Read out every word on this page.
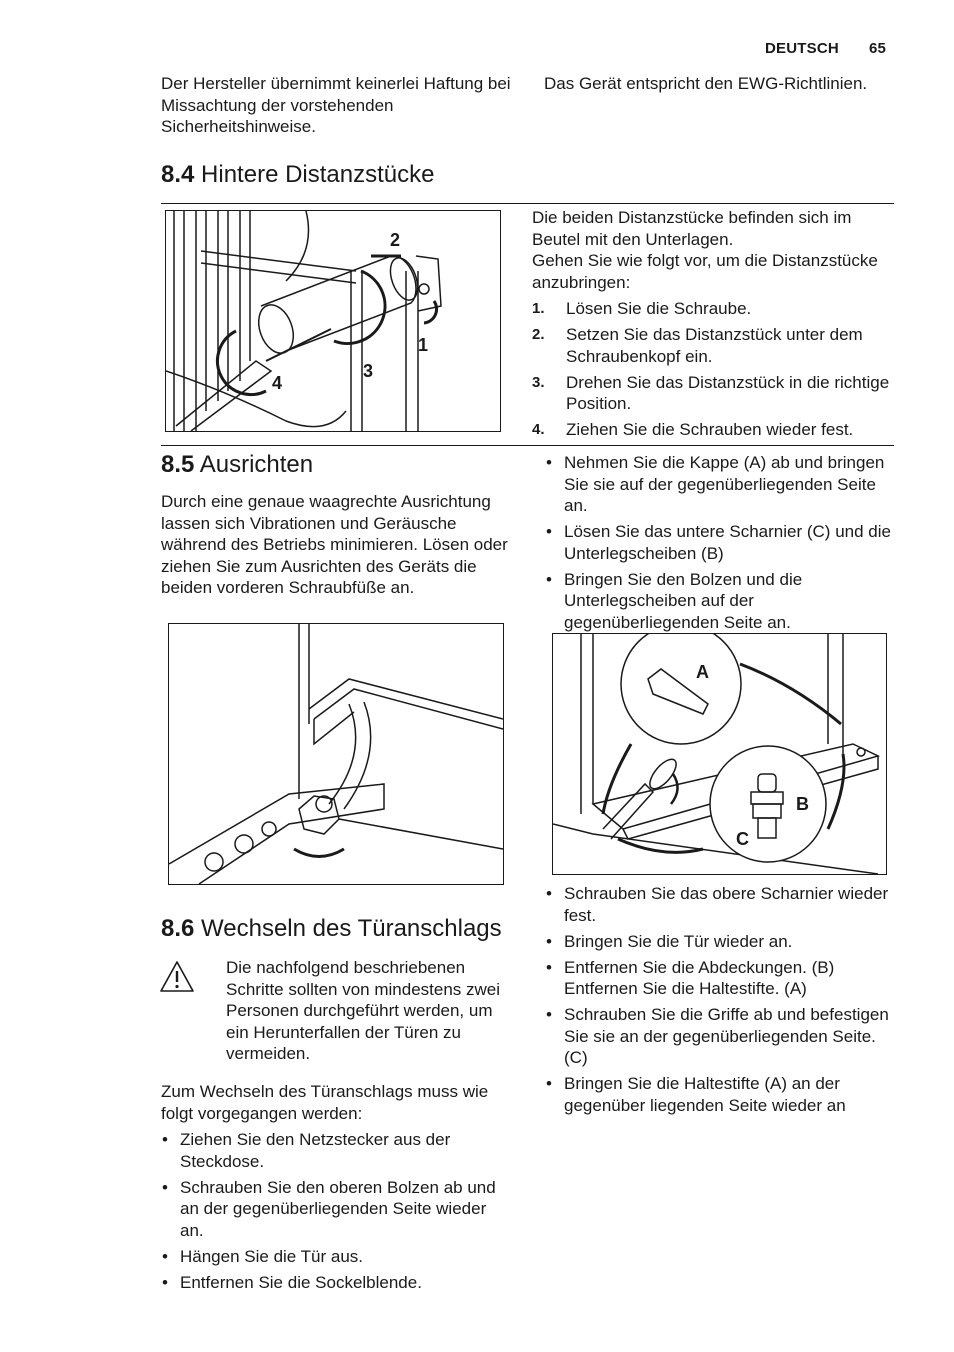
DEUTSCH 65
Der Hersteller übernimmt keinerlei Haftung bei Missachtung der vorstehenden Sicherheitshinweise.
Das Gerät entspricht den EWG-Richtlinien.
8.4 Hintere Distanzstücke
2
1
3
4
Die beiden Distanzstücke befinden sich im Beutel mit den Unterlagen.
Gehen Sie wie folgt vor, um die Distanzstücke anzubringen:
1. Lösen Sie die Schraube.
2. Setzen Sie das Distanzstück unter dem Schraubenkopf ein.
3. Drehen Sie das Distanzstück in die richtige Position.
4. Ziehen Sie die Schrauben wieder fest.
8.5 Ausrichten
Durch eine genaue waagrechte Ausrichtung lassen sich Vibrationen und Geräusche während des Betriebs minimieren. Lösen oder ziehen Sie zum Ausrichten des Geräts die beiden vorderen Schraubfüße an.
8.6 Wechseln des Türanschlags
Die nachfolgend beschriebenen Schritte sollten von mindestens zwei Personen durchgeführt werden, um ein Herunterfallen der Türen zu vermeiden.
Zum Wechseln des Türanschlags muss wie folgt vorgegangen werden:
• Ziehen Sie den Netzstecker aus der Steckdose.
• Schrauben Sie den oberen Bolzen ab und an der gegenüberliegenden Seite wieder an.
• Hängen Sie die Tür aus.
• Entfernen Sie die Sockelblende.
• Nehmen Sie die Kappe (A) ab und bringen Sie sie auf der gegenüberliegenden Seite an.
• Lösen Sie das untere Scharnier (C) und die Unterlegscheiben (B)
• Bringen Sie den Bolzen und die Unterlegscheiben auf der gegenüberliegenden Seite an.
A
B
C
• Schrauben Sie das obere Scharnier wieder fest.
• Bringen Sie die Tür wieder an.
• Entfernen Sie die Abdeckungen. (B) Entfernen Sie die Haltestifte. (A)
• Schrauben Sie die Griffe ab und befestigen Sie sie an der gegenüberliegenden Seite. (C)
• Bringen Sie die Haltestifte (A) an der gegenüber liegenden Seite wieder an
